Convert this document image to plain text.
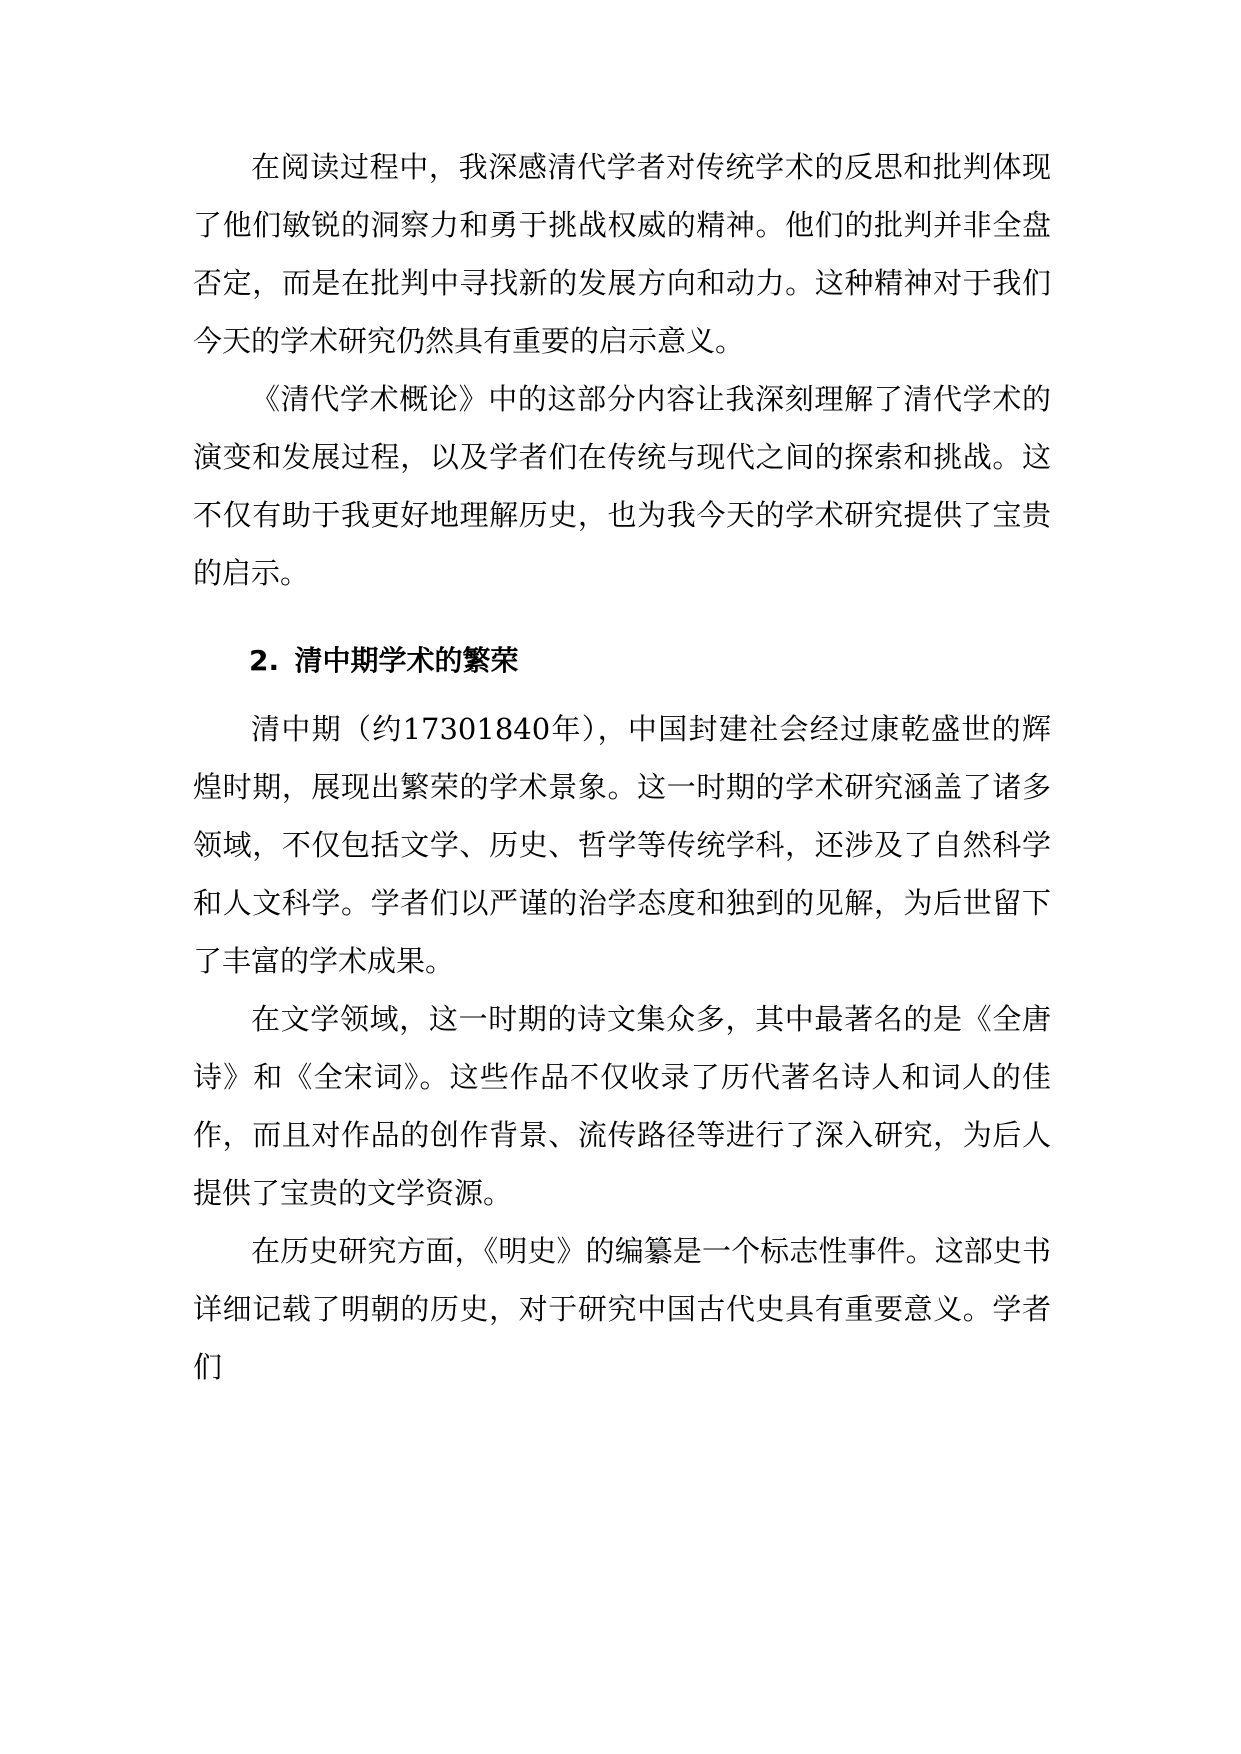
在阅读过程中，我深感清代学者对传统学术的反思和批判体现了他们敏锐的洞察力和勇于挑战权威的精神。他们的批判并非全盘否定，而是在批判中寻找新的发展方向和动力。这种精神对于我们今天的学术研究仍然具有重要的启示意义。

《清代学术概论》中的这部分内容让我深刻理解了清代学术的演变和发展过程，以及学者们在传统与现代之间的探索和挑战。这不仅有助于我更好地理解历史，也为我今天的学术研究提供了宝贵的启示。

2. 清中期学术的繁荣

清中期（约17301840年），中国封建社会经过康乾盛世的辉煌时期，展现出繁荣的学术景象。这一时期的学术研究涵盖了诸多领域，不仅包括文学、历史、哲学等传统学科，还涉及了自然科学和人文科学。学者们以严谨的治学态度和独到的见解，为后世留下了丰富的学术成果。

在文学领域，这一时期的诗文集众多，其中最著名的是《全唐诗》和《全宋词》。这些作品不仅收录了历代著名诗人和词人的佳作，而且对作品的创作背景、流传路径等进行了深入研究，为后人提供了宝贵的文学资源。

在历史研究方面，《明史》的编纂是一个标志性事件。这部史书详细记载了明朝的历史，对于研究中国古代史具有重要意义。学者们
